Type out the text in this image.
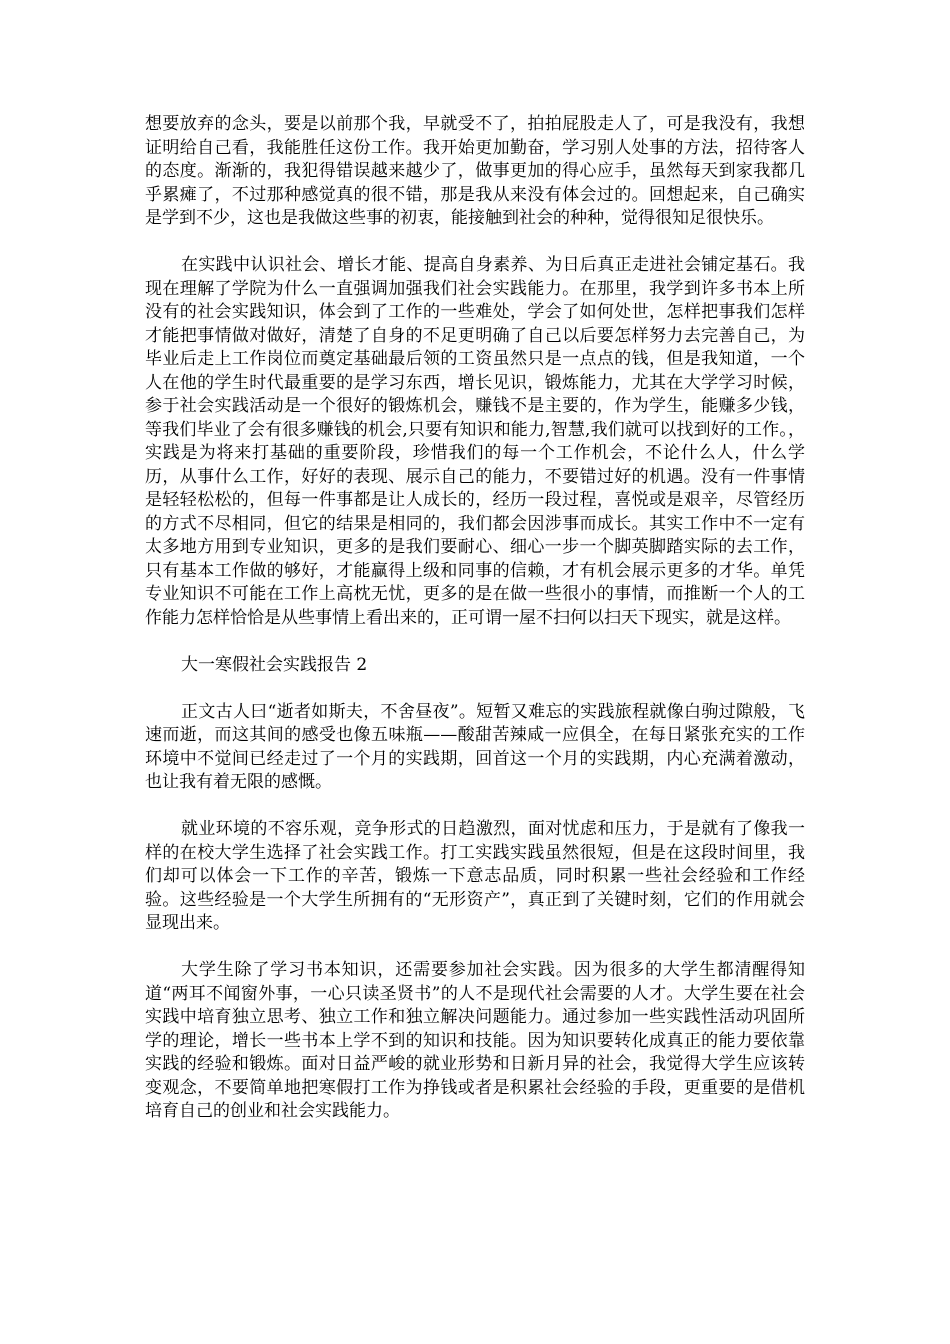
想要放弃的念头，要是以前那个我，早就受不了，拍拍屁股走人了，可是我没有，我想证明给自己看，我能胜任这份工作。我开始更加勤奋，学习别人处事的方法，招待客人的态度。渐渐的，我犯得错误越来越少了，做事更加的得心应手，虽然每天到家我都几乎累瘫了，不过那种感觉真的很不错，那是我从来没有体会过的。回想起来，自己确实是学到不少，这也是我做这些事的初衷，能接触到社会的种种，觉得很知足很快乐。

在实践中认识社会、增长才能、提高自身素养、为日后真正走进社会铺定基石。我现在理解了学院为什么一直强调加强我们社会实践能力。在那里，我学到许多书本上所没有的社会实践知识，体会到了工作的一些难处，学会了如何处世，怎样把事我们怎样才能把事情做对做好，清楚了自身的不足更明确了自己以后要怎样努力去完善自己，为毕业后走上工作岗位而奠定基础最后领的工资虽然只是一点点的钱，但是我知道，一个人在他的学生时代最重要的是学习东西，增长见识，锻炼能力，尤其在大学学习时候，参于社会实践活动是一个很好的锻炼机会，赚钱不是主要的，作为学生，能赚多少钱，等我们毕业了会有很多赚钱的机会,只要有知识和能力,智慧,我们就可以找到好的工作。，实践是为将来打基础的重要阶段，珍惜我们的每一个工作机会，不论什么人，什么学历，从事什么工作，好好的表现、展示自己的能力，不要错过好的机遇。没有一件事情是轻轻松松的，但每一件事都是让人成长的，经历一段过程，喜悦或是艰辛，尽管经历的方式不尽相同，但它的结果是相同的，我们都会因涉事而成长。其实工作中不一定有太多地方用到专业知识，更多的是我们要耐心、细心一步一个脚英脚踏实际的去工作，只有基本工作做的够好，才能赢得上级和同事的信赖，才有机会展示更多的才华。单凭专业知识不可能在工作上高枕无忧，更多的是在做一些很小的事情，而推断一个人的工作能力怎样恰恰是从些事情上看出来的，正可谓一屋不扫何以扫天下现实，就是这样。

大一寒假社会实践报告 2

正文古人曰“逝者如斯夫，不舍昼夜”。短暂又难忘的实践旅程就像白驹过隙般，飞速而逝，而这其间的感受也像五味瓶——酸甜苦辣咸一应俱全，在每日紧张充实的工作环境中不觉间已经走过了一个月的实践期，回首这一个月的实践期，内心充满着激动，也让我有着无限的感慨。

就业环境的不容乐观，竞争形式的日趋激烈，面对忧虑和压力，于是就有了像我一样的在校大学生选择了社会实践工作。打工实践实践虽然很短，但是在这段时间里，我们却可以体会一下工作的辛苦，锻炼一下意志品质，同时积累一些社会经验和工作经验。这些经验是一个大学生所拥有的“无形资产”，真正到了关键时刻，它们的作用就会显现出来。

大学生除了学习书本知识，还需要参加社会实践。因为很多的大学生都清醒得知道“两耳不闻窗外事，一心只读圣贤书”的人不是现代社会需要的人才。大学生要在社会实践中培育独立思考、独立工作和独立解决问题能力。通过参加一些实践性活动巩固所学的理论，增长一些书本上学不到的知识和技能。因为知识要转化成真正的能力要依靠实践的经验和锻炼。面对日益严峻的就业形势和日新月异的社会，我觉得大学生应该转变观念，不要简单地把寒假打工作为挣钱或者是积累社会经验的手段，更重要的是借机培育自己的创业和社会实践能力。
